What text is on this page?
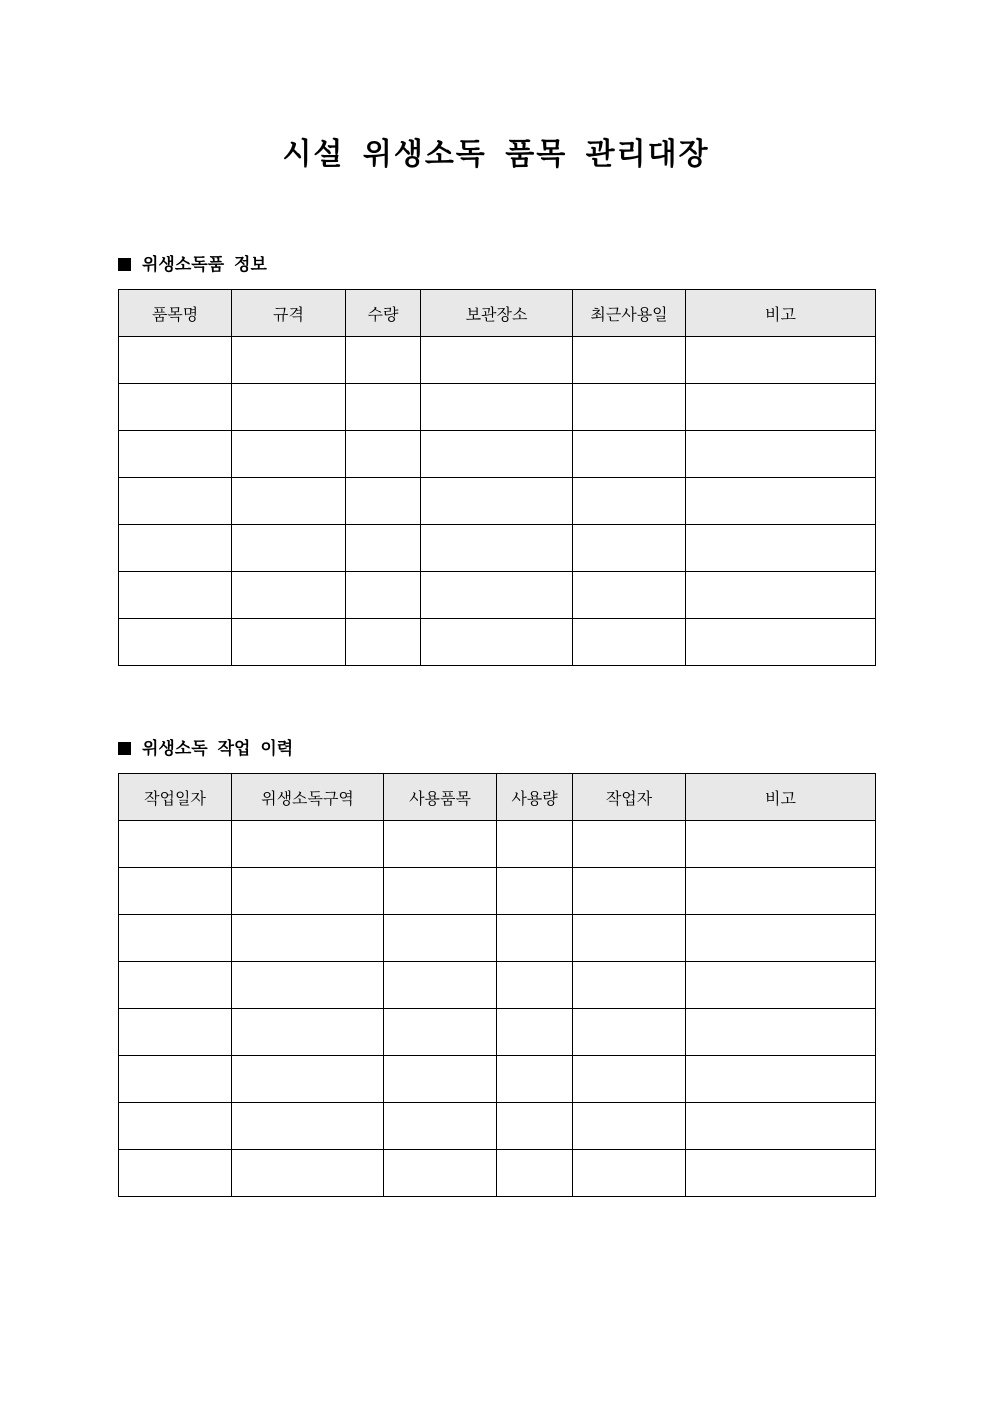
시설 위생소독 품목 관리대장
위생소독품 정보
품목명	규격	수량	보관장소	최근사용일	비고

위생소독 작업 이력
작업일자	위생소독구역	사용품목	사용량	작업자	비고
